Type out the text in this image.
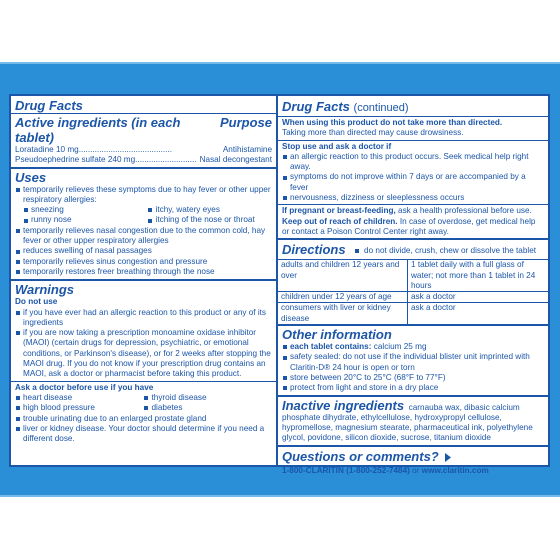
Drug Facts
Active ingredients (in each tablet)
Purpose
Loratadine 10 mg.........................................	Antihistamine
Pseudoephedrine sulfate 240 mg........................... Nasal decongestant
Uses
temporarily relieves these symptoms due to hay fever or other upper respiratory allergies:
sneezing
runny nose
itchy, watery eyes
itching of the nose or throat
temporarily relieves nasal congestion due to the common cold, hay fever or other upper respiratory allergies
reduces swelling of nasal passages
temporarily relieves sinus congestion and pressure
temporarily restores freer breathing through the nose
Warnings
Do not use
if you have ever had an allergic reaction to this product or any of its ingredients
if you are now taking a prescription monoamine oxidase inhibitor (MAOI) (certain drugs for depression, psychiatric, or emotional conditions, or Parkinson's disease), or for 2 weeks after stopping the MAOI drug. If you do not know if your prescription drug contains an MAOI, ask a doctor or pharmacist before taking this product.
Ask a doctor before use if you have
heart disease
high blood pressure
thyroid disease
diabetes
trouble urinating due to an enlarged prostate gland
liver or kidney disease. Your doctor should determine if you need a different dose.
Drug Facts (continued)
When using this product do not take more than directed.
Taking more than directed may cause drowsiness.
Stop use and ask a doctor if
an allergic reaction to this product occurs. Seek medical help right away.
symptoms do not improve within 7 days or are accompanied by a fever
nervousness, dizziness or sleeplessness occurs
If pregnant or breast-feeding, ask a health professional before use.
Keep out of reach of children. In case of overdose, get medical help or contact a Poison Control Center right away.
Directions do not divide, crush, chew or dissolve the tablet
adults and children 12 years and over	1 tablet daily with a full glass of water; not more than 1 tablet in 24 hours
children under 12 years of age	ask a doctor
consumers with liver or kidney disease	ask a doctor
Other information
each tablet contains: calcium 25 mg
safety sealed: do not use if the individual blister unit imprinted with Claritin-D® 24 hour is open or torn
store between 20°C to 25°C (68°F to 77°F)
protect from light and store in a dry place
Inactive ingredients carnauba wax, dibasic calcium phosphate dihydrate, ethylcellulose, hydroxypropyl cellulose, hypromellose, magnesium stearate, pharmaceutical ink, polyethylene glycol, povidone, silicon dioxide, sucrose, titanium dioxide
Questions or comments?
1-800-CLARITIN (1-800-252-7484) or www.claritin.com
